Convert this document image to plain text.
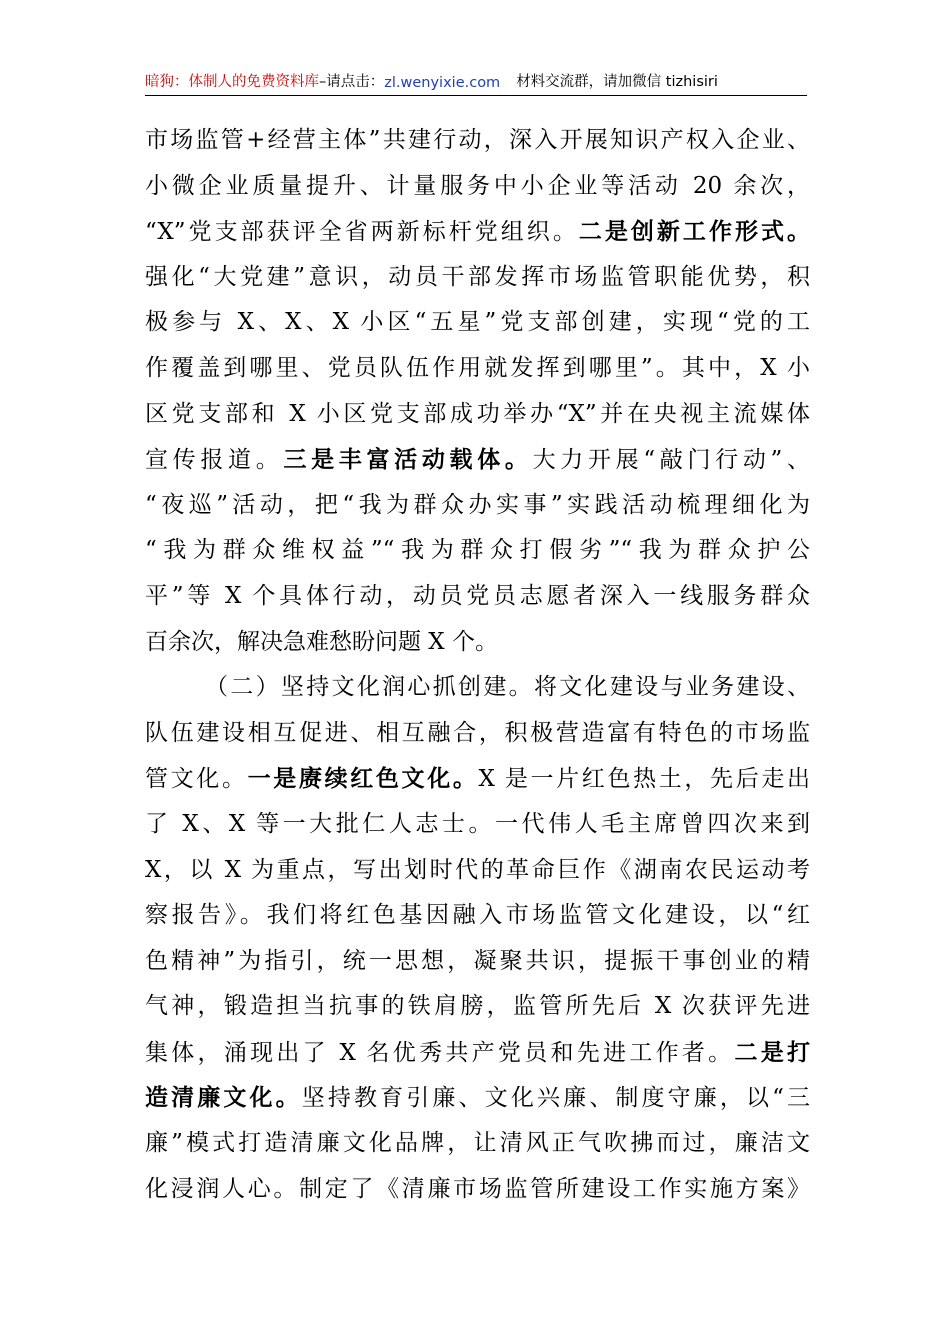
暗狗：体制人的免费资料库 –请点击： zl.wenyixie.com 材料交流群，请加微信 tizhisiri
市场监管+经营主体”共建行动，深入开展知识产权入企业、
小微企业质量提升、计量服务中小企业等活动 20 余次，
“X”党支部获评全省两新标杆党组织。二是创新工作形式。
强化“大党建”意识，动员干部发挥市场监管职能优势，积
极参与 X、X、X 小区“五星”党支部创建，实现“党的工
作覆盖到哪里、党员队伍作用就发挥到哪里”。其中，X 小
区党支部和 X 小区党支部成功举办“X”并在央视主流媒体
宣传报道。三是丰富活动载体。大力开展“敲门行动”、
“夜巡”活动，把“我为群众办实事”实践活动梳理细化为
“我为群众维权益”“我为群众打假劣”“我为群众护公
平”等 X 个具体行动，动员党员志愿者深入一线服务群众
百余次，解决急难愁盼问题 X 个。
（二）坚持文化润心抓创建。将文化建设与业务建设、
队伍建设相互促进、相互融合，积极营造富有特色的市场监
管文化。一是赓续红色文化。X 是一片红色热土，先后走出
了 X、X 等一大批仁人志士。一代伟人毛主席曾四次来到
X，以 X 为重点，写出划时代的革命巨作《湖南农民运动考
察报告》。我们将红色基因融入市场监管文化建设，以“红
色精神”为指引，统一思想，凝聚共识，提振干事创业的精
气神，锻造担当抗事的铁肩膀，监管所先后 X 次获评先进
集体，涌现出了 X 名优秀共产党员和先进工作者。二是打
造清廉文化。坚持教育引廉、文化兴廉、制度守廉，以“三
廉”模式打造清廉文化品牌，让清风正气吹拂而过，廉洁文
化浸润人心。制定了《清廉市场监管所建设工作实施方案》
